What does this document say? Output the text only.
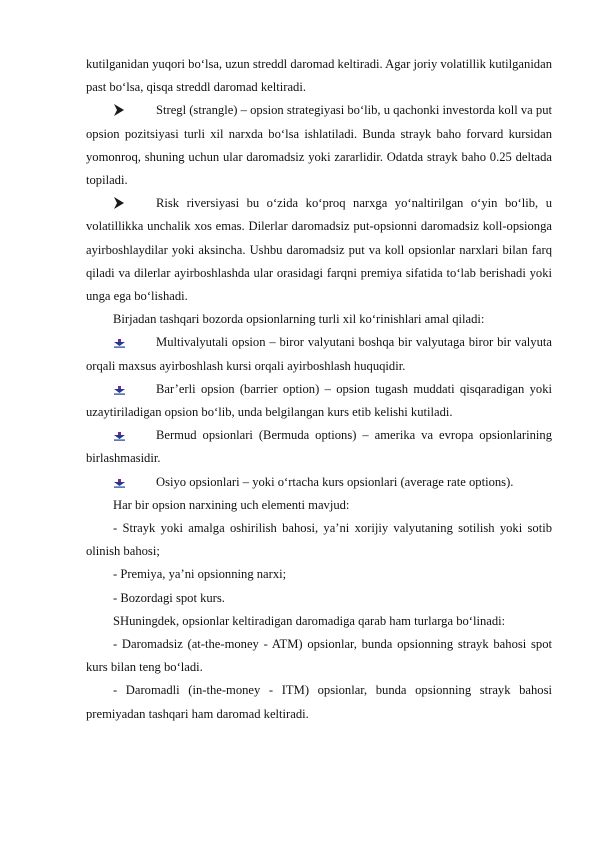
kutilganidan yuqori bo‘lsa, uzun streddl daromad keltiradi. Agar joriy volatillik kutilganidan past bo‘lsa, qisqa streddl daromad keltiradi.

Stregl (strangle) – opsion strategiyasi bo‘lib, u qachonki investorda koll va put opsion pozitsiyasi turli xil narxda bo‘lsa ishlatiladi. Bunda strayk baho forvard kursidan yomonroq, shuning uchun ular daromadsiz yoki zararlidir. Odatda strayk baho 0.25 deltada topiladi.

Risk riversiyasi bu o‘zida ko‘proq narxga yo‘naltirilgan o‘yin bo‘lib, u volatillikka unchalik xos emas. Dilerlar daromadsiz put-opsionni daromadsiz koll-opsionga ayirboshlaydilar yoki aksincha. Ushbu daromadsiz put va koll opsionlar narxlari bilan farq qiladi va dilerlar ayirboshlashda ular orasidagi farqni premiya sifatida to‘lab berishadi yoki unga ega bo‘lishadi.

Birjadan tashqari bozorda opsionlarning turli xil ko‘rinishlari amal qiladi:

Multivalyutali opsion – biror valyutani boshqa bir valyutaga biror bir valyuta orqali maxsus ayirboshlash kursi orqali ayirboshlash huquqidir.

Bar’erli opsion (barrier option) – opsion tugash muddati qisqaradigan yoki uzaytiriladigan opsion bo‘lib, unda belgilangan kurs etib kelishi kutiladi.

Bermud opsionlari (Bermuda options) – amerika va evropa opsionlarining birlashmasidir.

Osiyo opsionlari – yoki o‘rtacha kurs opsionlari (average rate options).

Har bir opsion narxining uch elementi mavjud:

- Strayk yoki amalga oshirilish bahosi, ya’ni xorijiy valyutaning sotilish yoki sotib olinish bahosi;

- Premiya, ya’ni opsionning narxi;

- Bozordagi spot kurs.

SHuningdek, opsionlar keltiradigan daromadiga qarab ham turlarga bo‘linadi:

- Daromadsiz (at-the-money - ATM) opsionlar, bunda opsionning strayk bahosi spot kurs bilan teng bo‘ladi.

- Daromadli (in-the-money - ITM) opsionlar, bunda opsionning strayk bahosi premiyadan tashqari ham daromad keltiradi.
